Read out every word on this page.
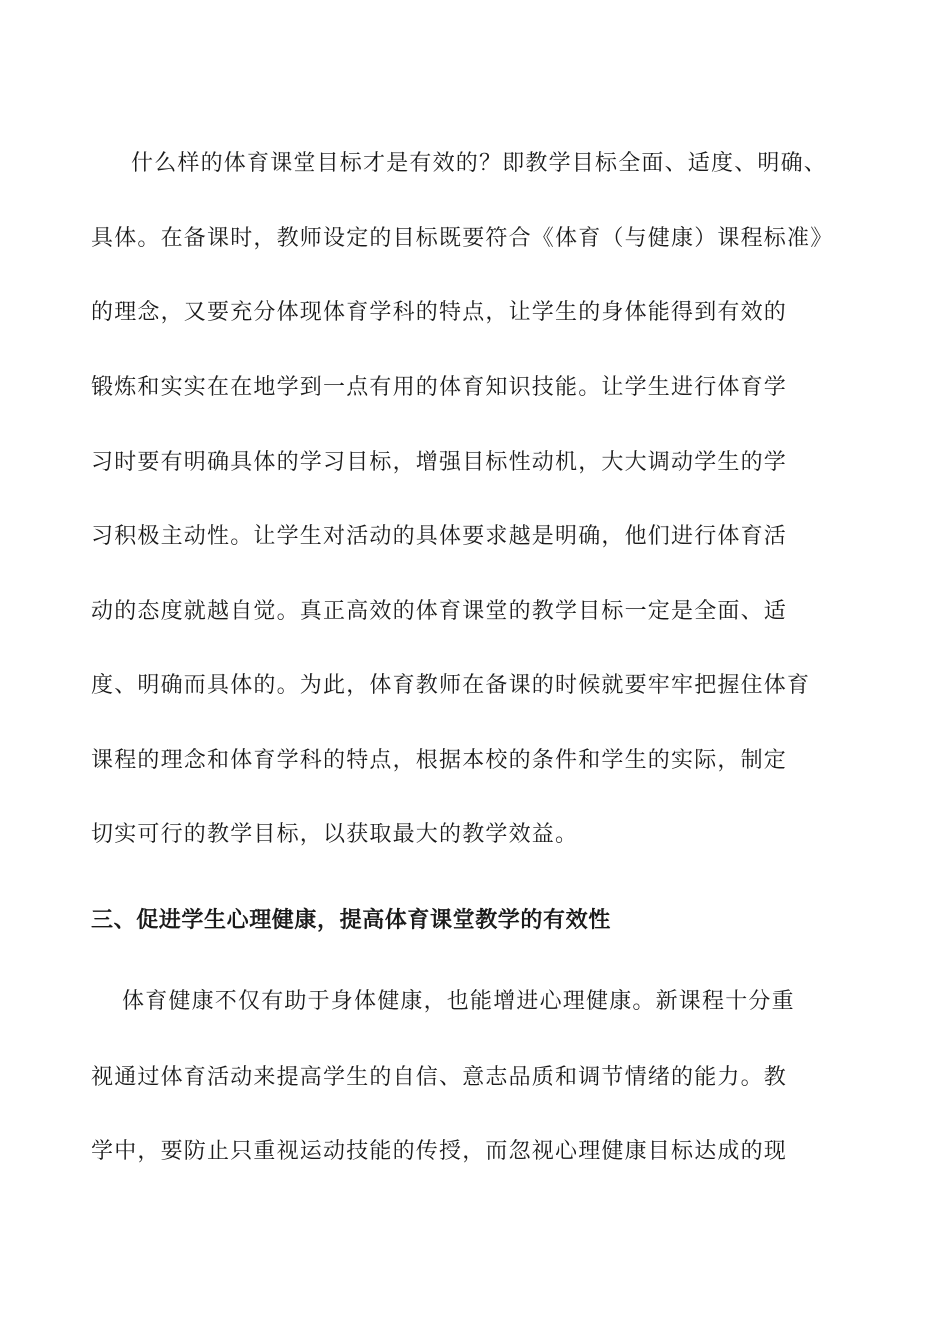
什么样的体育课堂目标才是有效的？即教学目标全面、适度、明确、
具体。在备课时，教师设定的目标既要符合《体育（与健康）课程标准》
的理念，又要充分体现体育学科的特点，让学生的身体能得到有效的
锻炼和实实在在地学到一点有用的体育知识技能。让学生进行体育学
习时要有明确具体的学习目标，增强目标性动机，大大调动学生的学
习积极主动性。让学生对活动的具体要求越是明确，他们进行体育活
动的态度就越自觉。真正高效的体育课堂的教学目标一定是全面、适
度、明确而具体的。为此，体育教师在备课的时候就要牢牢把握住体育
课程的理念和体育学科的特点，根据本校的条件和学生的实际，制定
切实可行的教学目标，以获取最大的教学效益。
三、促进学生心理健康，提高体育课堂教学的有效性
体育健康不仅有助于身体健康，也能增进心理健康。新课程十分重
视通过体育活动来提高学生的自信、意志品质和调节情绪的能力。教
学中，要防止只重视运动技能的传授，而忽视心理健康目标达成的现
